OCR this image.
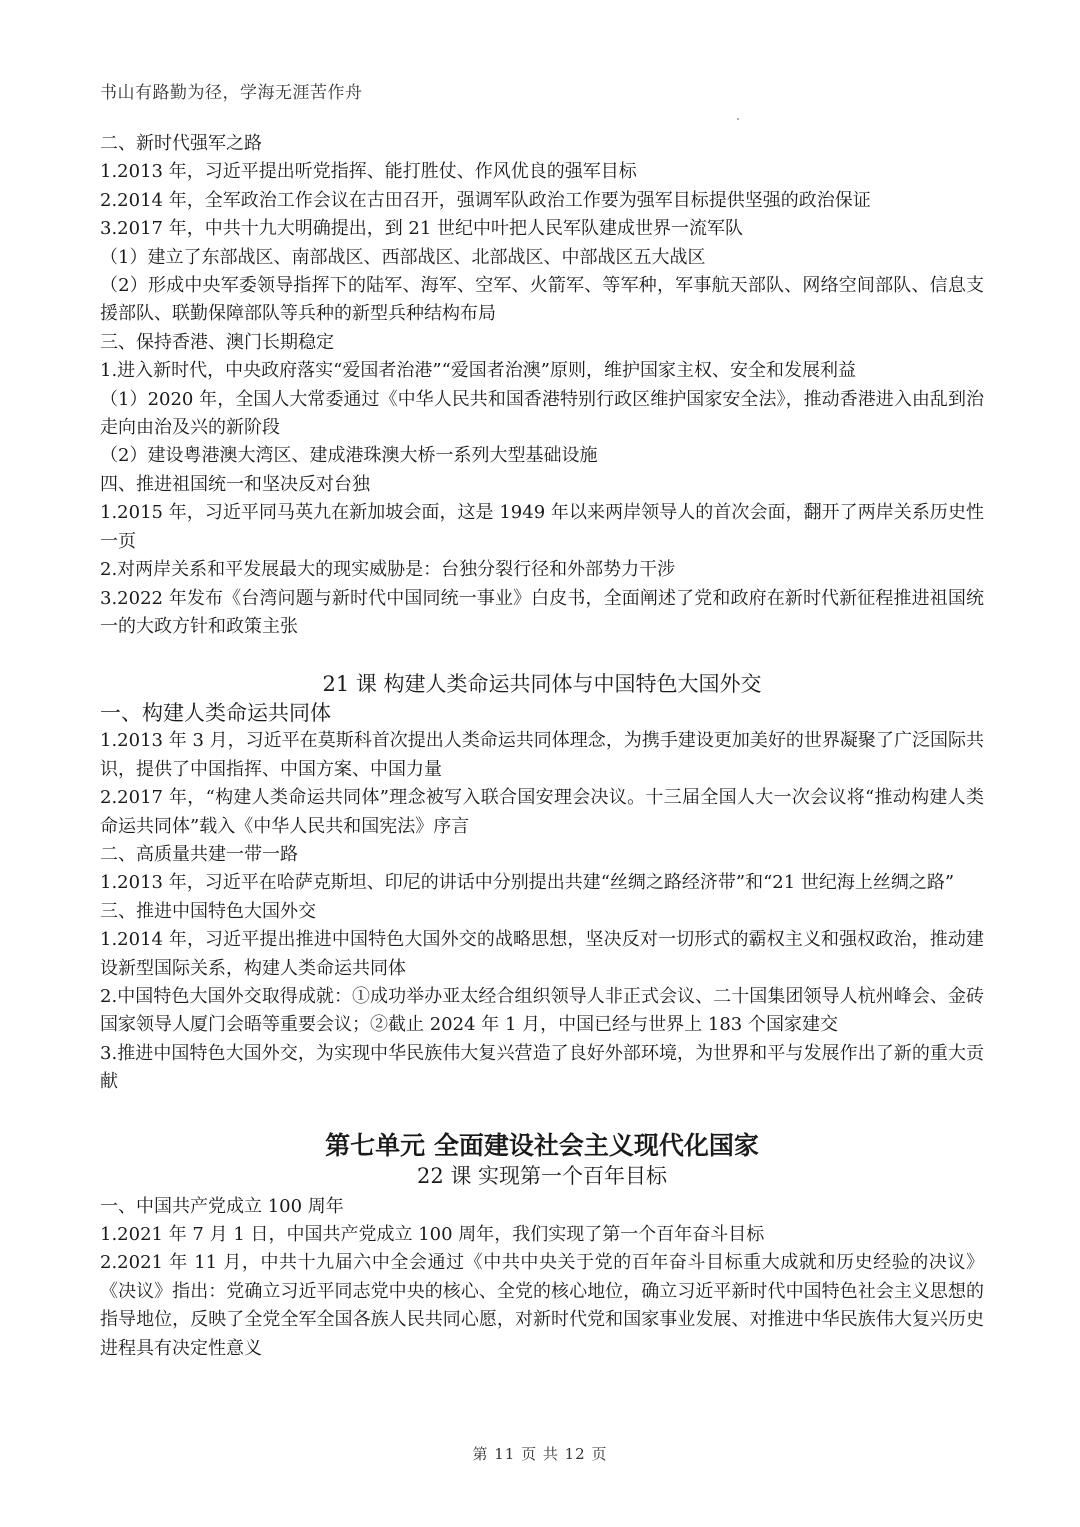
书山有路勤为径，学海无涯苦作舟

二、新时代强军之路

1.2013 年，习近平提出听党指挥、能打胜仗、作风优良的强军目标

2.2014 年，全军政治工作会议在古田召开，强调军队政治工作要为强军目标提供坚强的政治保证

3.2017 年，中共十九大明确提出，到 21 世纪中叶把人民军队建成世界一流军队

（1）建立了东部战区、南部战区、西部战区、北部战区、中部战区五大战区

（2）形成中央军委领导指挥下的陆军、海军、空军、火箭军、等军种，军事航天部队、网络空间部队、信息支援部队、联勤保障部队等兵种的新型兵种结构布局

三、保持香港、澳门长期稳定

1.进入新时代，中央政府落实“爱国者治港”“爱国者治澳”原则，维护国家主权、安全和发展利益

（1）2020 年，全国人大常委通过《中华人民共和国香港特别行政区维护国家安全法》，推动香港进入由乱到治走向由治及兴的新阶段

（2）建设粤港澳大湾区、建成港珠澳大桥一系列大型基础设施

四、推进祖国统一和坚决反对台独

1.2015 年，习近平同马英九在新加坡会面，这是 1949 年以来两岸领导人的首次会面，翻开了两岸关系历史性一页

2.对两岸关系和平发展最大的现实威胁是：台独分裂行径和外部势力干涉

3.2022 年发布《台湾问题与新时代中国同统一事业》白皮书，全面阐述了党和政府在新时代新征程推进祖国统一的大政方针和政策主张

21 课 构建人类命运共同体与中国特色大国外交

一、构建人类命运共同体

1.2013 年 3 月，习近平在莫斯科首次提出人类命运共同体理念，为携手建设更加美好的世界凝聚了广泛国际共识，提供了中国指挥、中国方案、中国力量

2.2017 年，“构建人类命运共同体”理念被写入联合国安理会决议。十三届全国人大一次会议将“推动构建人类命运共同体”载入《中华人民共和国宪法》序言

二、高质量共建一带一路

1.2013 年，习近平在哈萨克斯坦、印尼的讲话中分别提出共建“丝绸之路经济带”和“21 世纪海上丝绸之路”

三、推进中国特色大国外交

1.2014 年，习近平提出推进中国特色大国外交的战略思想，坚决反对一切形式的霸权主义和强权政治，推动建设新型国际关系，构建人类命运共同体

2.中国特色大国外交取得成就：①成功举办亚太经合组织领导人非正式会议、二十国集团领导人杭州峰会、金砖国家领导人厦门会晤等重要会议；②截止 2024 年 1 月，中国已经与世界上 183 个国家建交

3.推进中国特色大国外交，为实现中华民族伟大复兴营造了良好外部环境，为世界和平与发展作出了新的重大贡献

第七单元 全面建设社会主义现代化国家
22 课 实现第一个百年目标

一、中国共产党成立 100 周年

1.2021 年 7 月 1 日，中国共产党成立 100 周年，我们实现了第一个百年奋斗目标

2.2021 年 11 月，中共十九届六中全会通过《中共中央关于党的百年奋斗目标重大成就和历史经验的决议》《决议》指出：党确立习近平同志党中央的核心、全党的核心地位，确立习近平新时代中国特色社会主义思想的指导地位，反映了全党全军全国各族人民共同心愿，对新时代党和国家事业发展、对推进中华民族伟大复兴历史进程具有决定性意义

第 11 页 共 12 页
